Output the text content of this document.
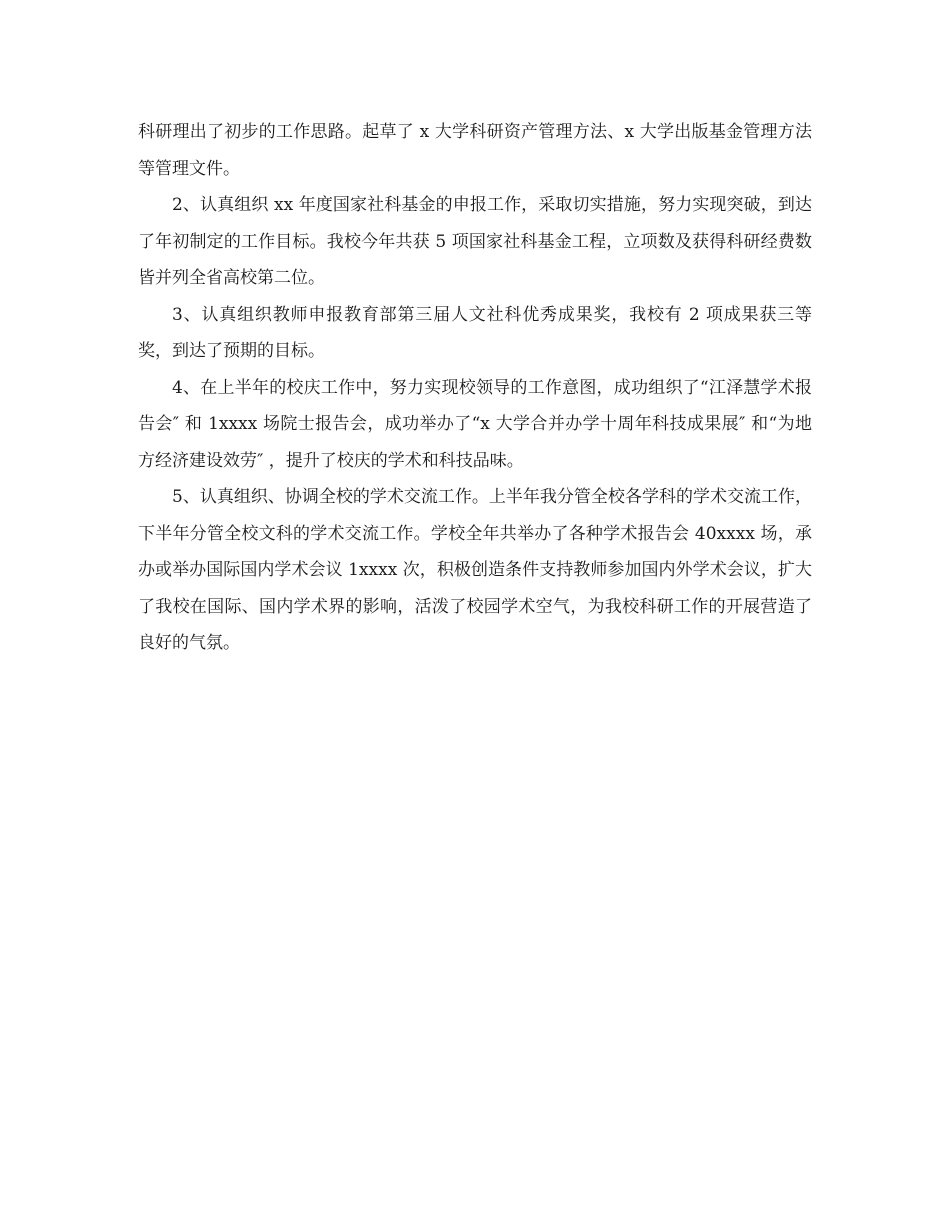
科研理出了初步的工作思路。起草了 x 大学科研资产管理方法、x 大学出版基金管理方法等管理文件。

2、认真组织 xx 年度国家社科基金的申报工作，采取切实措施，努力实现突破，到达了年初制定的工作目标。我校今年共获 5 项国家社科基金工程，立项数及获得科研经费数皆并列全省高校第二位。

3、认真组织教师申报教育部第三届人文社科优秀成果奖，我校有 2 项成果获三等奖，到达了预期的目标。

4、在上半年的校庆工作中，努力实现校领导的工作意图，成功组织了“江泽慧学术报告会″ 和 1xxxx 场院士报告会，成功举办了“x 大学合并办学十周年科技成果展″ 和“为地方经济建设效劳″ ，提升了校庆的学术和科技品味。

5、认真组织、协调全校的学术交流工作。上半年我分管全校各学科的学术交流工作，下半年分管全校文科的学术交流工作。学校全年共举办了各种学术报告会 40xxxx 场，承办或举办国际国内学术会议 1xxxx 次，积极创造条件支持教师参加国内外学术会议，扩大了我校在国际、国内学术界的影响，活泼了校园学术空气，为我校科研工作的开展营造了良好的气氛。
